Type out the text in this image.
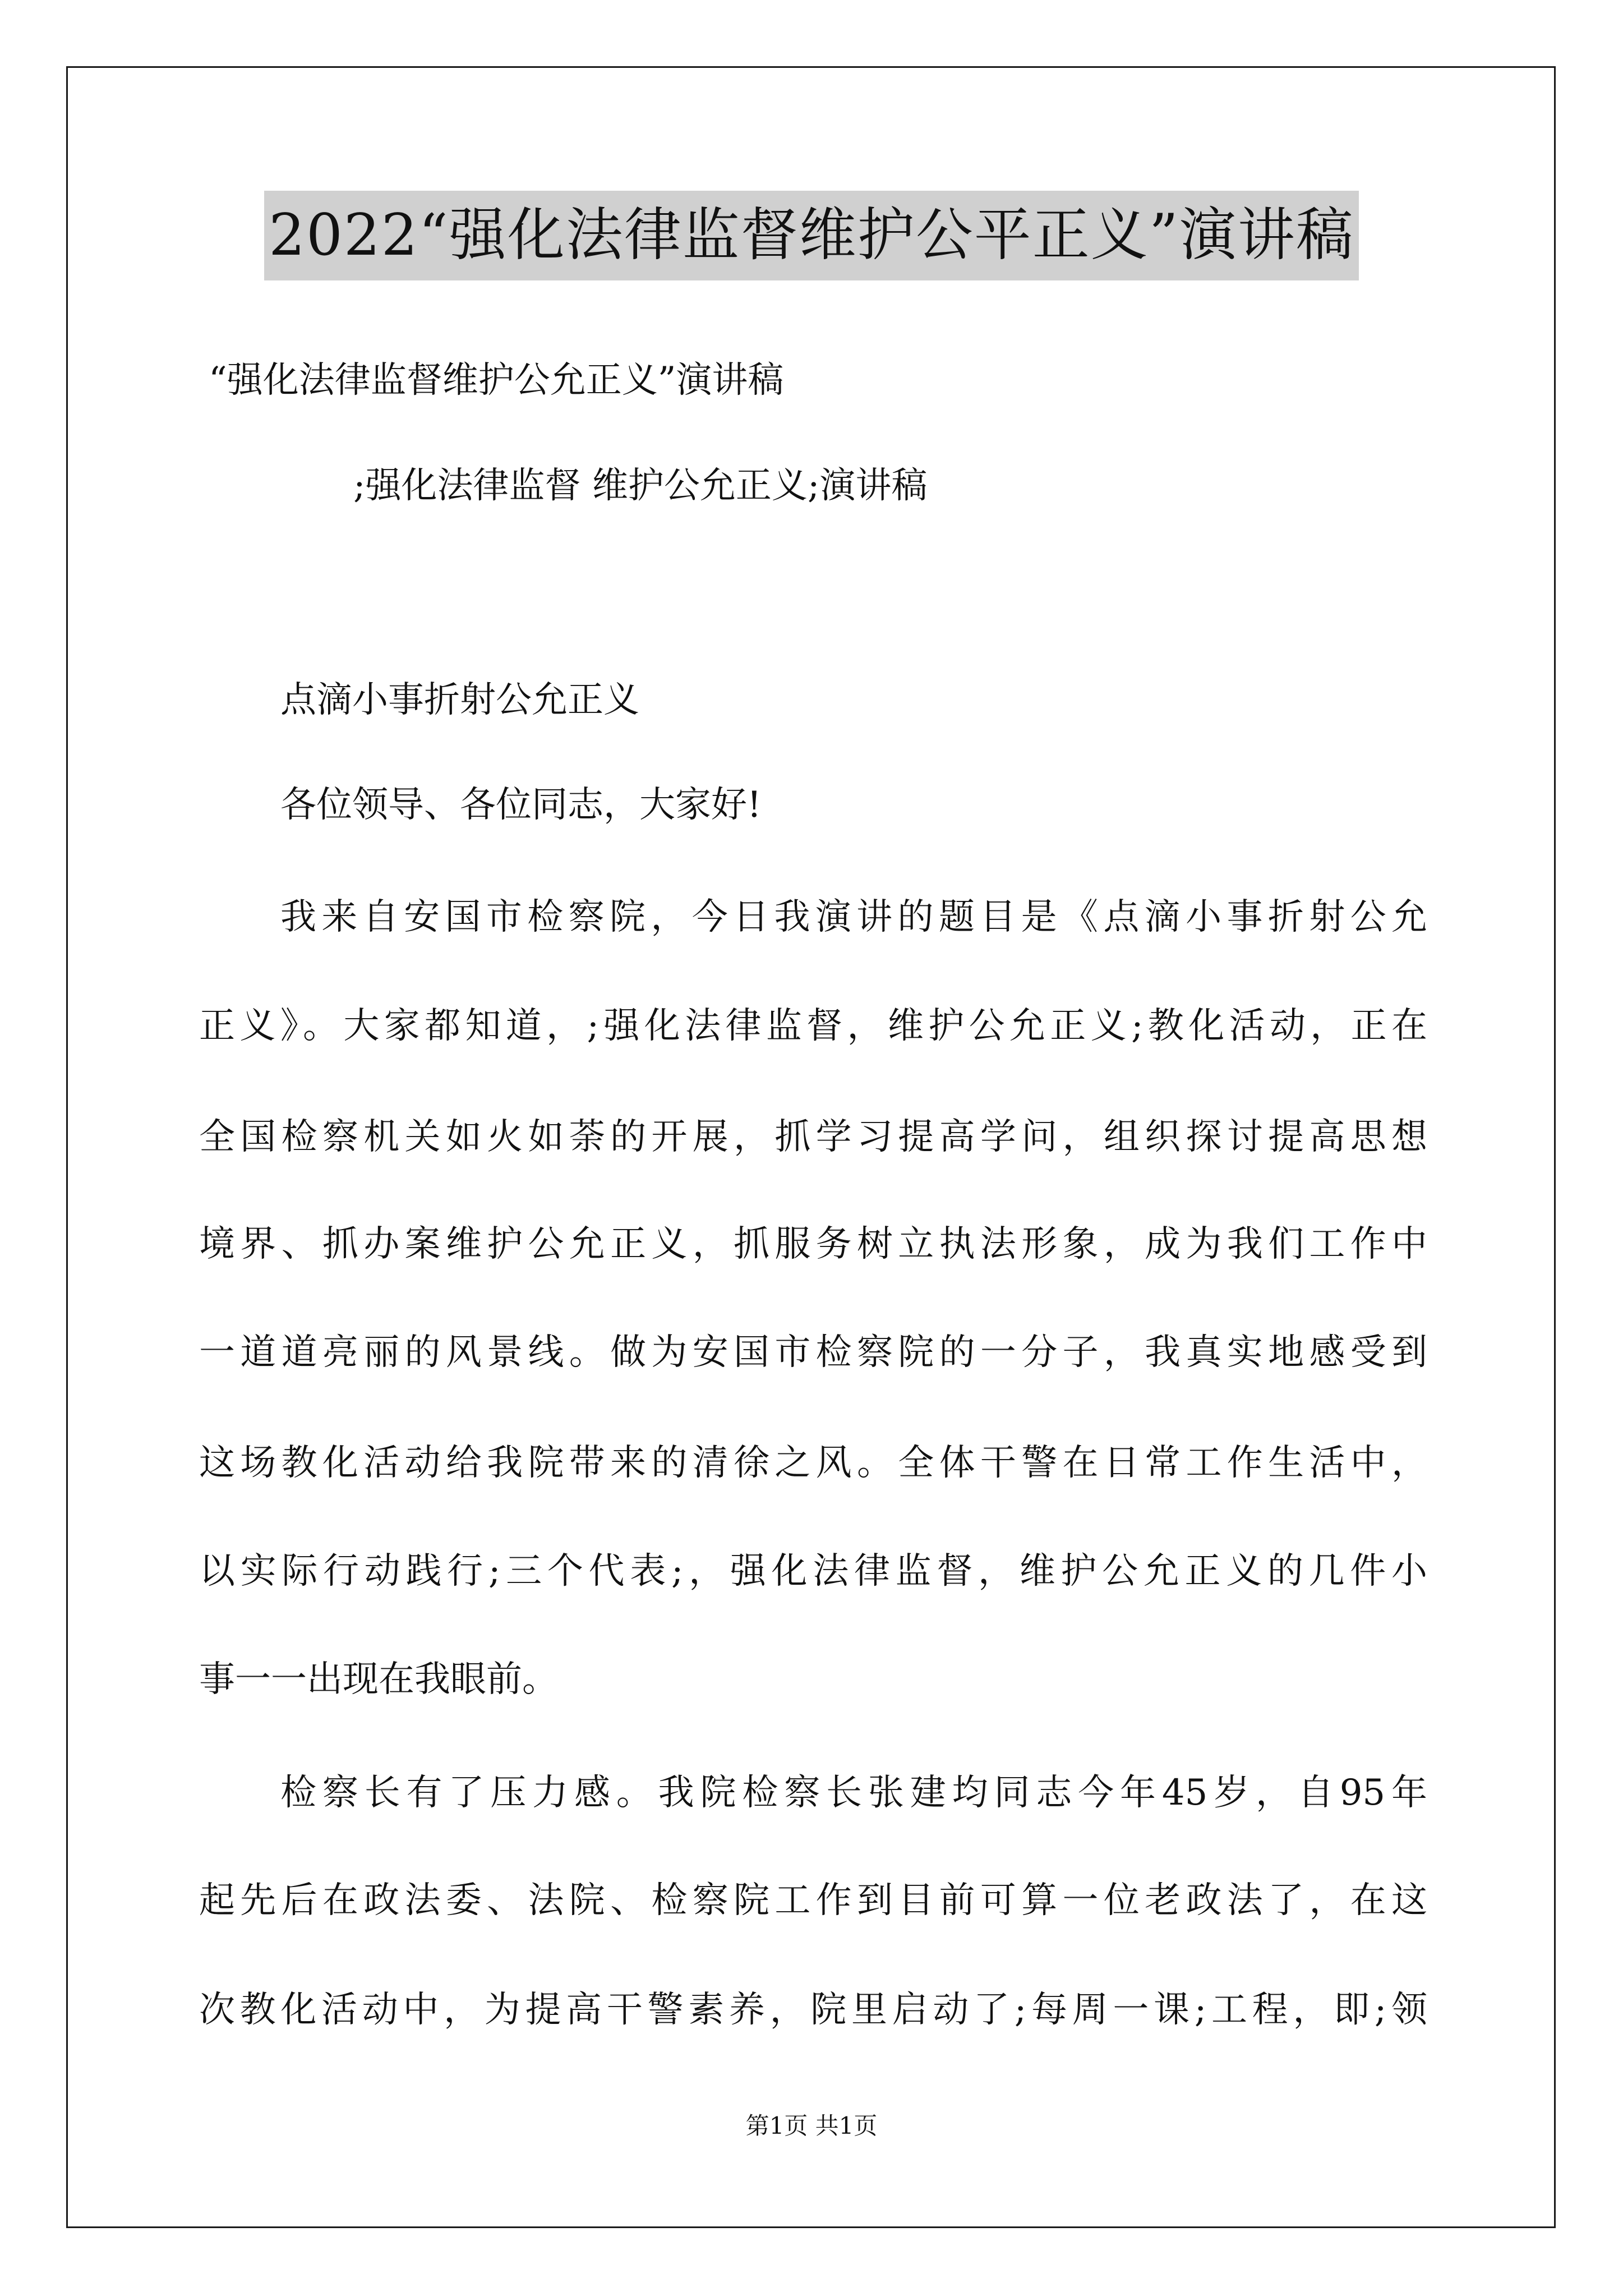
2022“强化法律监督维护公平正义”演讲稿
“强化法律监督维护公允正义”演讲稿
;强化法律监督 维护公允正义;演讲稿
点滴小事折射公允正义
各位领导、各位同志，大家好!
我来自安国市检察院，今日我演讲的题目是《点滴小事折射公允
正义》。大家都知道，;强化法律监督，维护公允正义;教化活动，正在
全国检察机关如火如荼的开展，抓学习提高学问，组织探讨提高思想
境界、抓办案维护公允正义，抓服务树立执法形象，成为我们工作中
一道道亮丽的风景线。做为安国市检察院的一分子，我真实地感受到
这场教化活动给我院带来的清徐之风。全体干警在日常工作生活中，
以实际行动践行;三个代表;，强化法律监督，维护公允正义的几件小
事一一出现在我眼前。
检察长有了压力感。我院检察长张建均同志今年45岁，自95年
起先后在政法委、法院、检察院工作到目前可算一位老政法了，在这
次教化活动中，为提高干警素养，院里启动了;每周一课;工程，即;领
第1页 共1页
